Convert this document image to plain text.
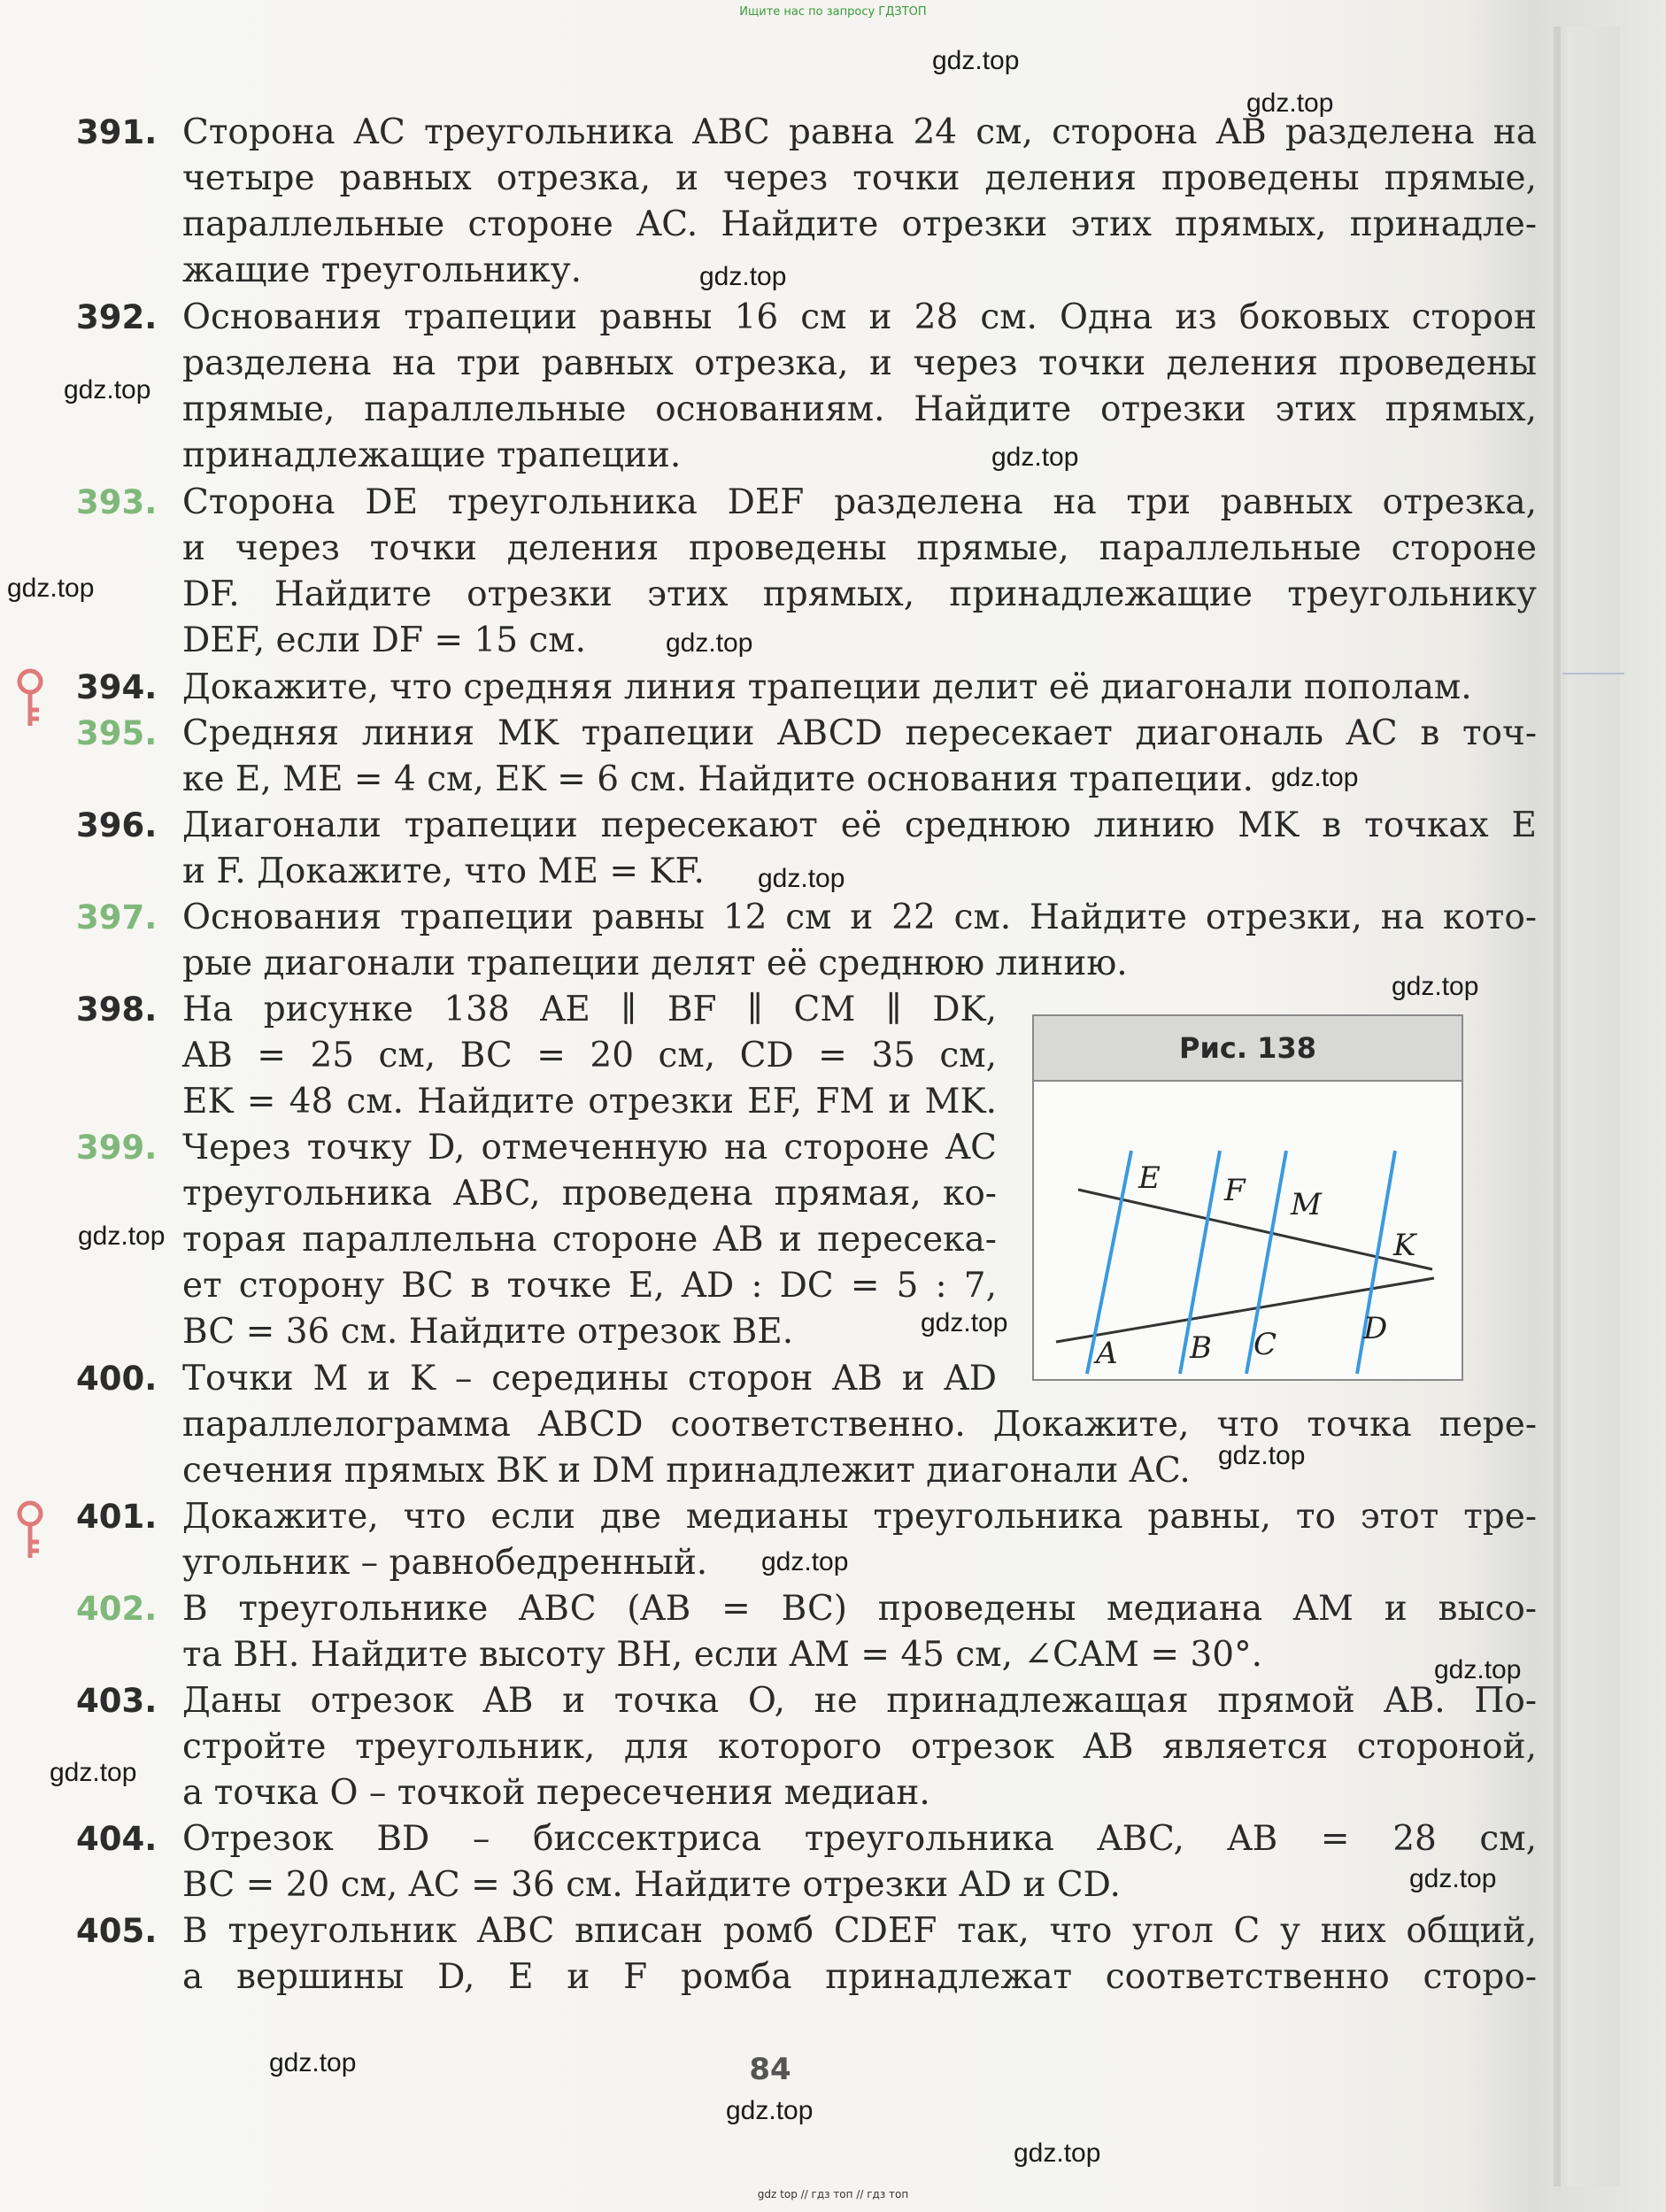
Ищите нас по запросу ГДЗТОП
gdz.top
gdz.top
gdz.top
gdz.top
gdz.top
gdz.top
gdz.top
gdz.top
gdz.top
gdz.top
gdz.top
gdz.top
gdz.top
gdz.top
gdz.top
gdz.top
gdz.top
gdz.top
gdz.top
gdz.top
391. Сторона AC треугольника ABC равна 24 см, сторона AB разделена на
четыре равных отрезка, и через точки деления проведены прямые,
параллельные стороне AC. Найдите отрезки этих прямых, принадле-
жащие треугольнику.
392. Основания трапеции равны 16 см и 28 см. Одна из боковых сторон
разделена на три равных отрезка, и через точки деления проведены
прямые, параллельные основаниям. Найдите отрезки этих прямых,
принадлежащие трапеции.
393. Сторона DE треугольника DEF разделена на три равных отрезка,
и через точки деления проведены прямые, параллельные стороне
DF. Найдите отрезки этих прямых, принадлежащие треугольнику
DEF, если DF = 15 см.
394. Докажите, что средняя линия трапеции делит её диагонали пополам.
395. Средняя линия MK трапеции ABCD пересекает диагональ AC в точ-
ке E, ME = 4 см, EK = 6 см. Найдите основания трапеции.
396. Диагонали трапеции пересекают её среднюю линию MK в точках E
и F. Докажите, что ME = KF.
397. Основания трапеции равны 12 см и 22 см. Найдите отрезки, на кото-
рые диагонали трапеции делят её среднюю линию.
398. На рисунке 138 AE ∥ BF ∥ CM ∥ DK,
AB = 25 см, BC = 20 см, CD = 35 см,
EK = 48 см. Найдите отрезки EF, FM и MK.
399. Через точку D, отмеченную на стороне AC
треугольника ABC, проведена прямая, ко-
торая параллельна стороне AB и пересека-
ет сторону BC в точке E, AD : DC = 5 : 7,
BC = 36 см. Найдите отрезок BE.
400. Точки M и K – середины сторон AB и AD
параллелограмма ABCD соответственно. Докажите, что точка пере-
сечения прямых BK и DM принадлежит диагонали AC.
401. Докажите, что если две медианы треугольника равны, то этот тре-
угольник – равнобедренный.
402. В треугольнике ABC (AB = BC) проведены медиана AM и высо-
та BH. Найдите высоту BH, если AM = 45 см, ∠CAM = 30°.
403. Даны отрезок AB и точка O, не принадлежащая прямой AB. По-
стройте треугольник, для которого отрезок AB является стороной,
а точка O – точкой пересечения медиан.
404. Отрезок BD – биссектриса треугольника ABC, AB = 28 см,
BC = 20 см, AC = 36 см. Найдите отрезки AD и CD.
405. В треугольник ABC вписан ромб CDEF так, что угол C у них общий,
а вершины D, E и F ромба принадлежат соответственно сторо-
Рис. 138
E F M
K
A B C	D
84
gdz top // гдз топ // гдз топ
